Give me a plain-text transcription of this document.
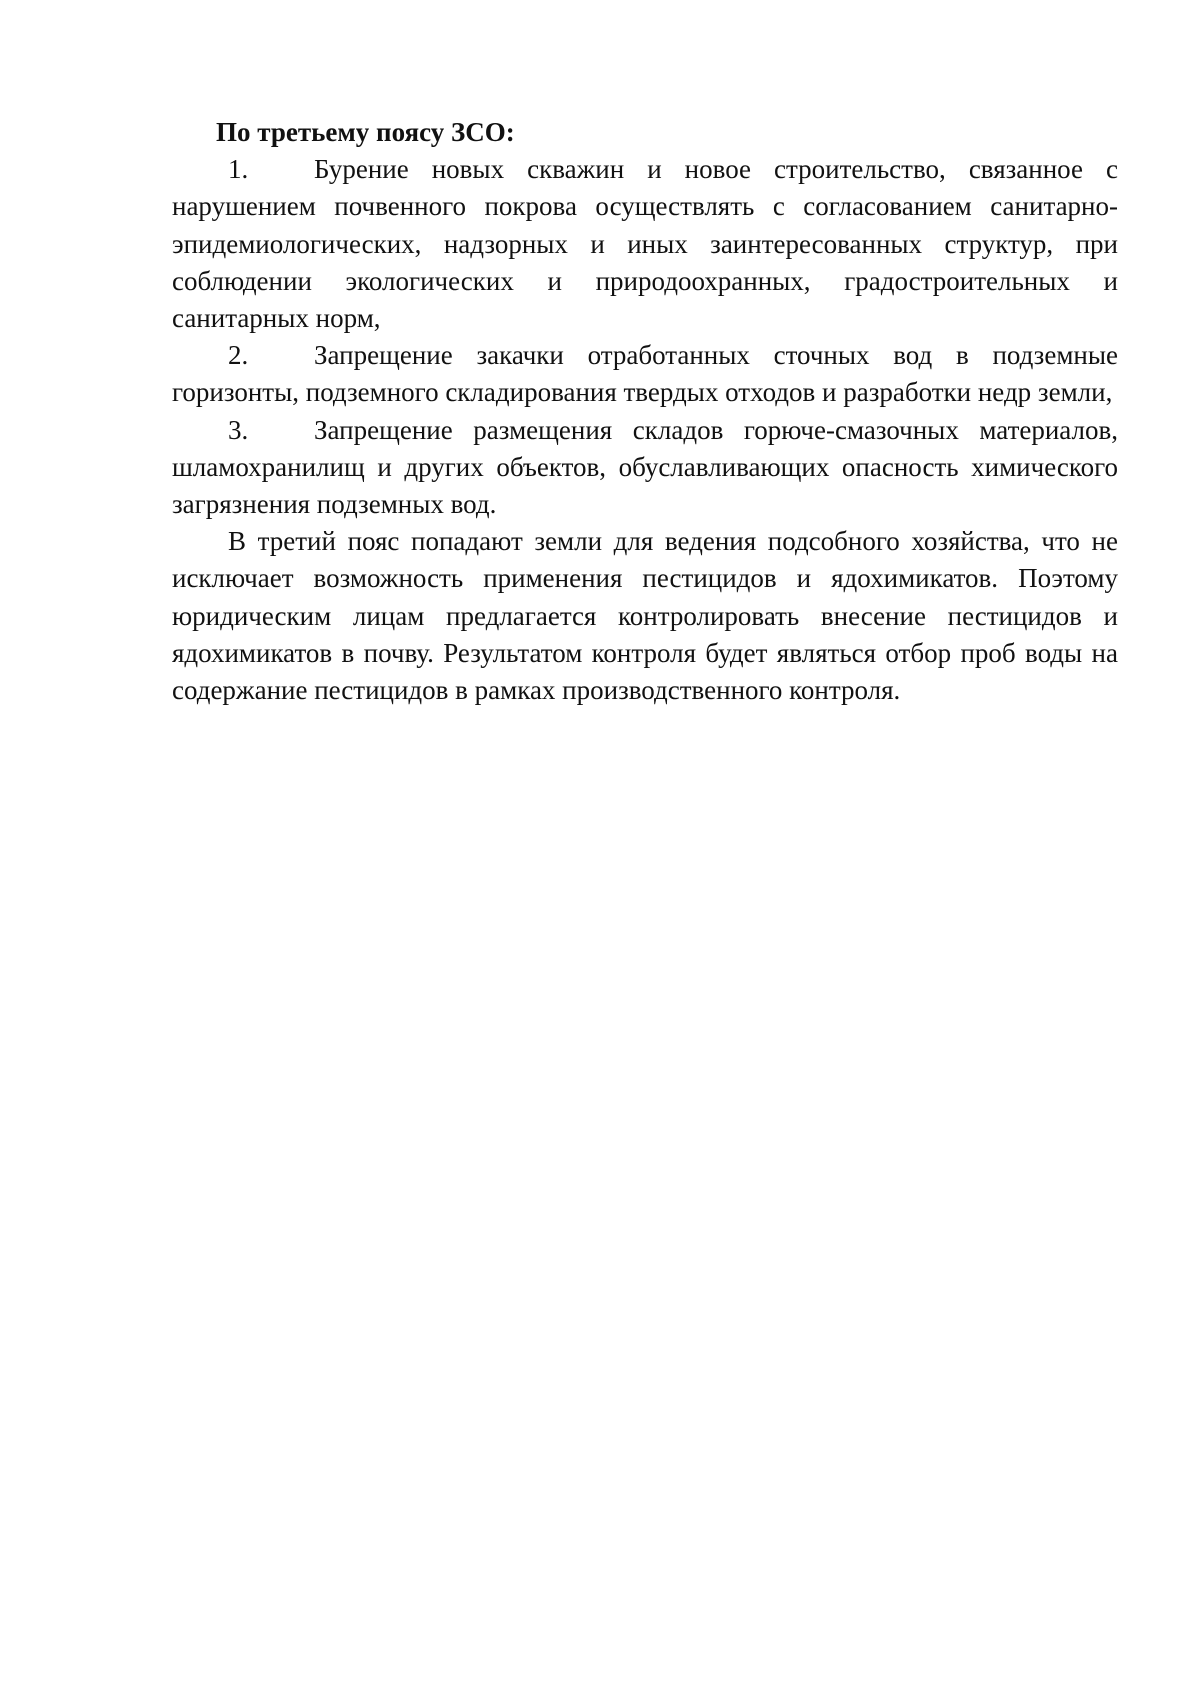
По третьему поясу ЗСО:

1. Бурение новых скважин и новое строительство, связанное с нарушением почвенного покрова осуществлять с согласованием санитарно-эпидемиологических, надзорных и иных заинтересованных структур, при соблюдении экологических и природоохранных, градостроительных и санитарных норм,

2. Запрещение закачки отработанных сточных вод в подземные горизонты, подземного складирования твердых отходов и разработки недр земли,

3. Запрещение размещения складов горюче-смазочных материалов, шламохранилищ и других объектов, обуславливающих опасность химического загрязнения подземных вод.

В третий пояс попадают земли для ведения подсобного хозяйства, что не исключает возможность применения пестицидов и ядохимикатов. Поэтому юридическим лицам предлагается контролировать внесение пестицидов и ядохимикатов в почву. Результатом контроля будет являться отбор проб воды на содержание пестицидов в рамках производственного контроля.
